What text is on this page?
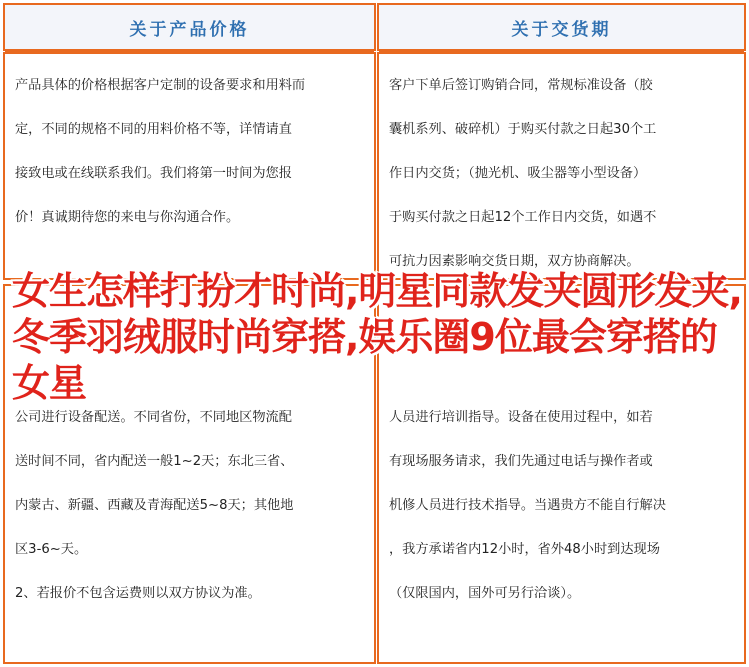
关于产品价格	关于交货期
产品具体的价格根据客户定制的设备要求和用料而
定，不同的规格不同的用料价格不等，详情请直
接致电或在线联系我们。我们将第一时间为您报
价！真诚期待您的来电与你沟通合作。
客户下单后签订购销合同，常规标准设备（胶
囊机系列、破碎机）于购买付款之日起30个工
作日内交货；（抛光机、吸尘器等小型设备）
于购买付款之日起12个工作日内交货，如遇不
可抗力因素影响交货日期，双方协商解决。
公司进行设备配送。不同省份，不同地区物流配
送时间不同，省内配送一般1~2天；东北三省、
内蒙古、新疆、西藏及青海配送5~8天；其他地
区3-6~天。
2、若报价不包含运费则以双方协议为准。
人员进行培训指导。设备在使用过程中，如若
有现场服务请求，我们先通过电话与操作者或
机修人员进行技术指导。当遇贵方不能自行解决
，我方承诺省内12小时，省外48小时到达现场
（仅限国内，国外可另行洽谈）。
女生怎样打扮才时尚,明星同款发夹圆形发夹,冬季羽绒服时尚穿搭,娱乐圈9位最会穿搭的女星
